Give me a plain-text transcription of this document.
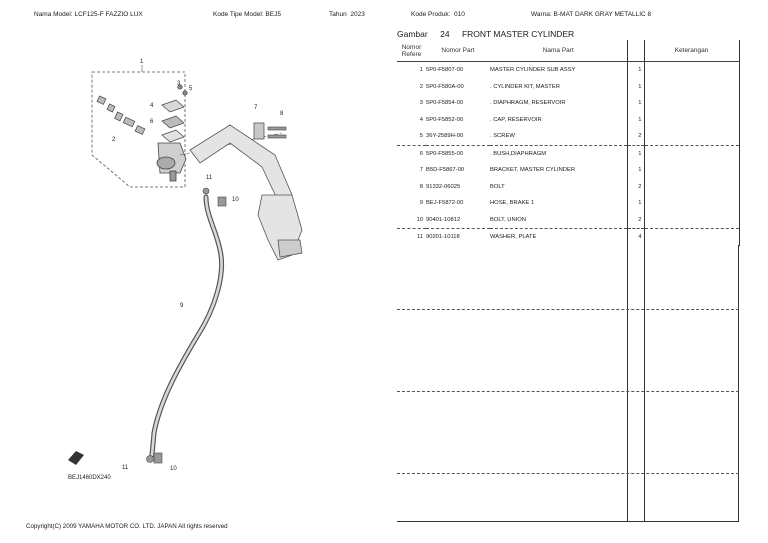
Nama Model: LCF125-F FAZZIO LUX	Kode Tipe Model: BEJ5	Tahun 2023	Kode Produk: 010	Warna: B-MAT DARK GRAY METALLIC 8
Gambar 24 FRONT MASTER CYLINDER
Nomor Refere	Nomor Part	Nama Part		Keterangan
1	5P0-F5807-00	MASTER CYLINDER SUB ASSY	1	
2	5P0-F580A-00	. CYLINDER KIT, MASTER	1	
3	5P0-F5854-00	. DIAPHRAGM, RESERVOIR	1	
4	5P0-F5852-00	. CAP, RESERVOIR	1	
5	36Y-2589H-00	. SCREW	2	
6	5P0-F5855-00	. BUSH,DIAPHRAGM	1	
7	B5D-F5867-00	BRACKET, MASTER CYLINDER	1	
8	91332-06025	BOLT	2	
9	BEJ-F5872-00	HOSE, BRAKE 1	1	
10	90401-10812	BOLT, UNION	2	
11	90201-10118	WASHER, PLATE	4	
1
2
3
4
5
6
7
8
9
10
11
10
11
BEJ1460DX240
Copyright(C) 2009 YAMAHA MOTOR CO. LTD. JAPAN All rights reserved
